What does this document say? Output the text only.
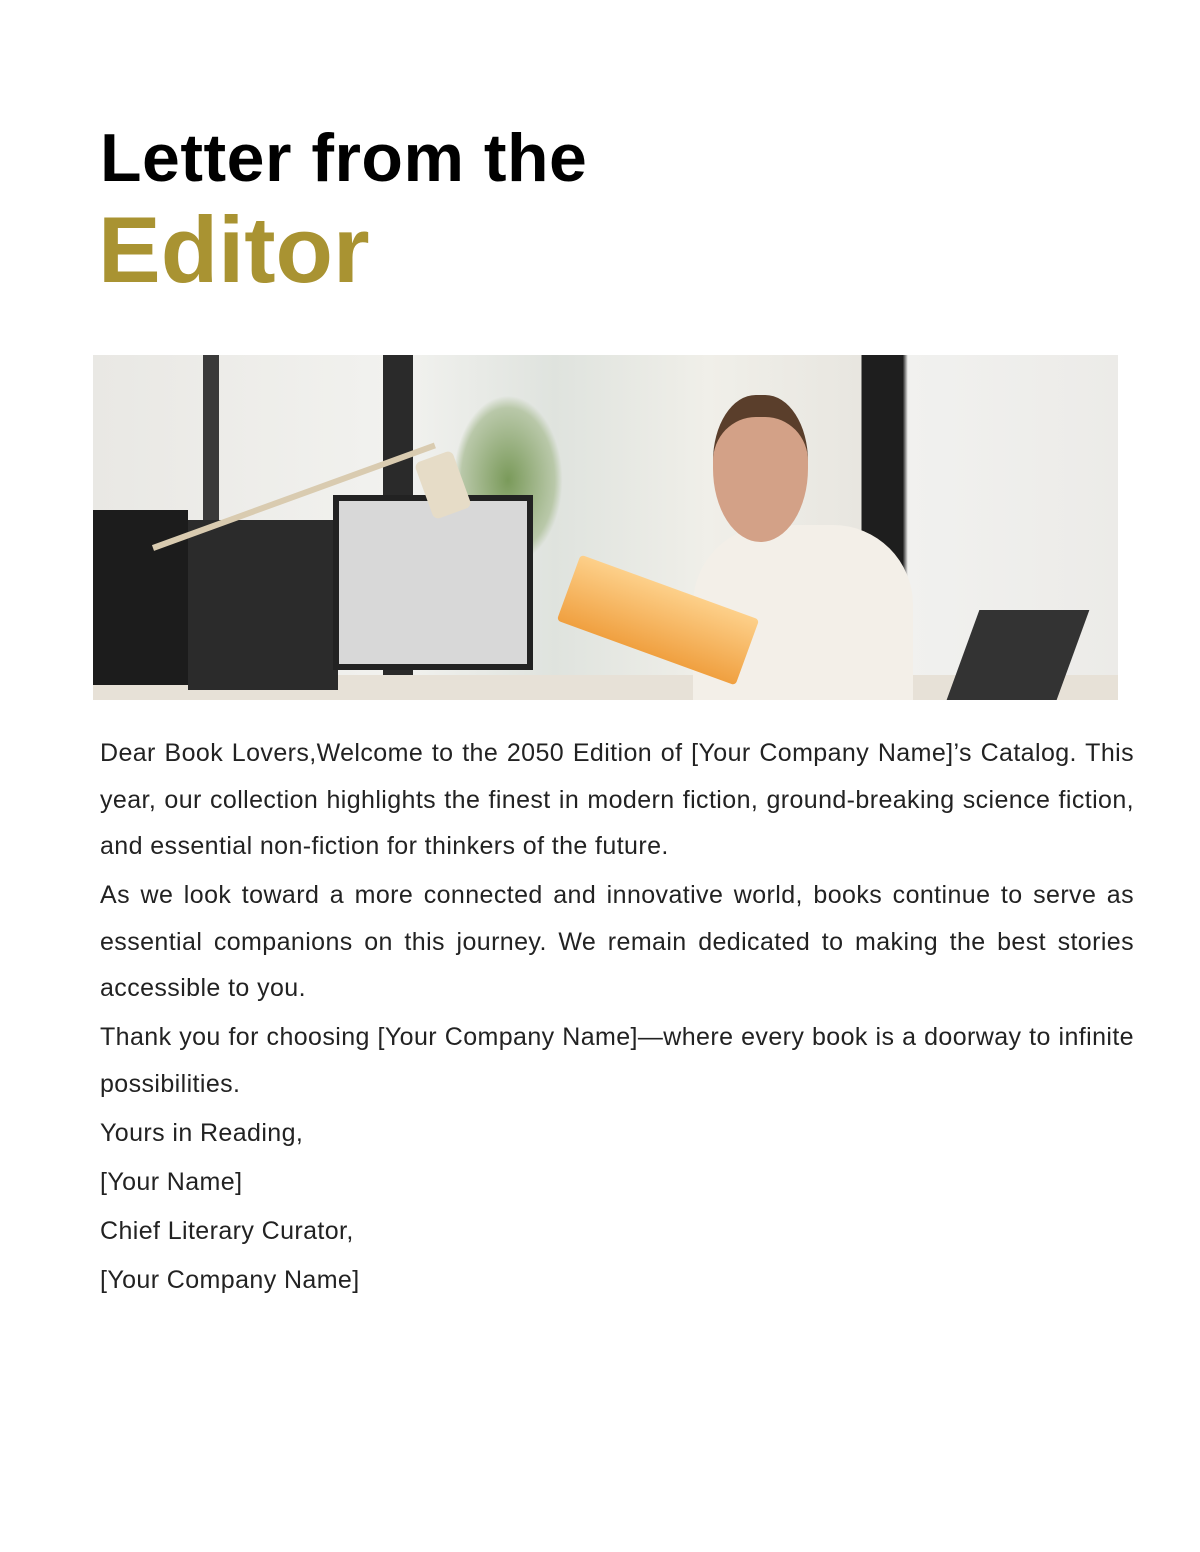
Letter from the
Editor

Dear Book Lovers,Welcome to the 2050 Edition of [Your Company Name]’s Catalog. This year, our collection highlights the finest in modern fiction, ground-breaking science fiction, and essential non-fiction for thinkers of the future.

As we look toward a more connected and innovative world, books continue to serve as essential companions on this journey. We remain dedicated to making the best stories accessible to you.

Thank you for choosing [Your Company Name]—where every book is a doorway to infinite possibilities.

Yours in Reading,

[Your Name]

Chief Literary Curator,

[Your Company Name]
